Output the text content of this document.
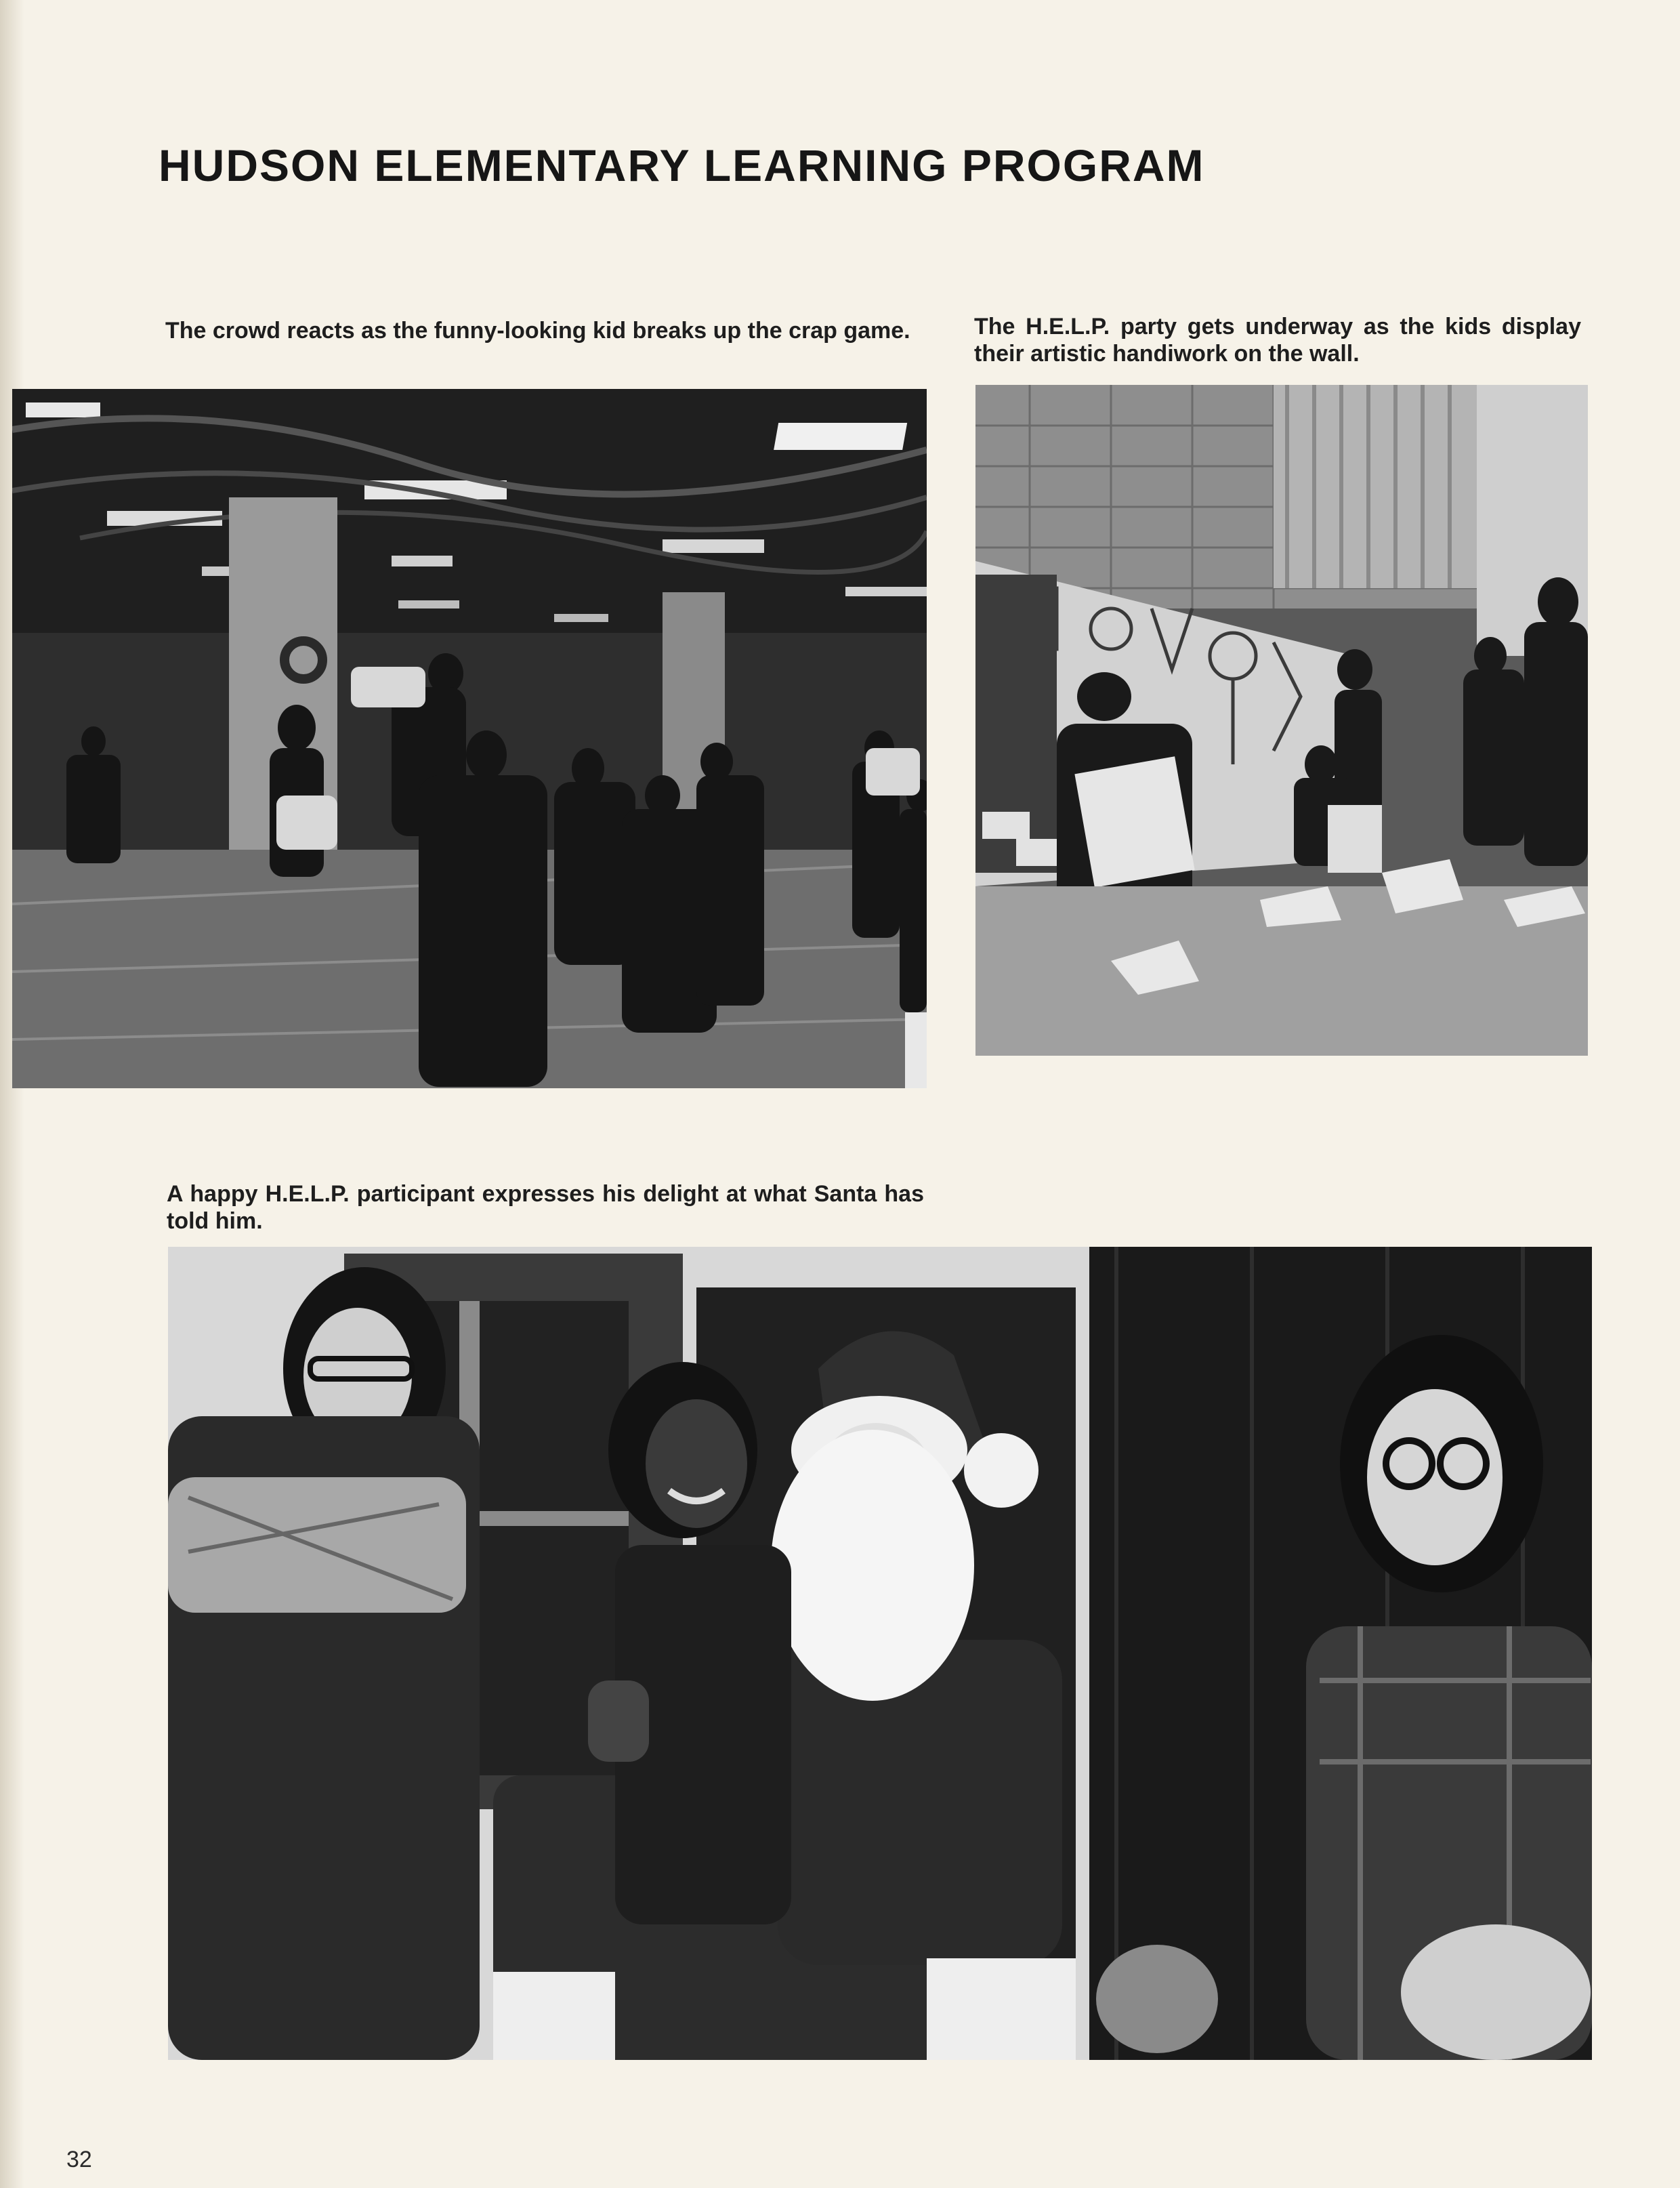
HUDSON ELEMENTARY LEARNING PROGRAM

The crowd reacts as the funny-looking kid breaks up the crap game.	The H.E.L.P. party gets underway as the kids display their artistic handiwork on the wall.

A happy H.E.L.P. participant expresses his delight at what Santa has told him.

32
